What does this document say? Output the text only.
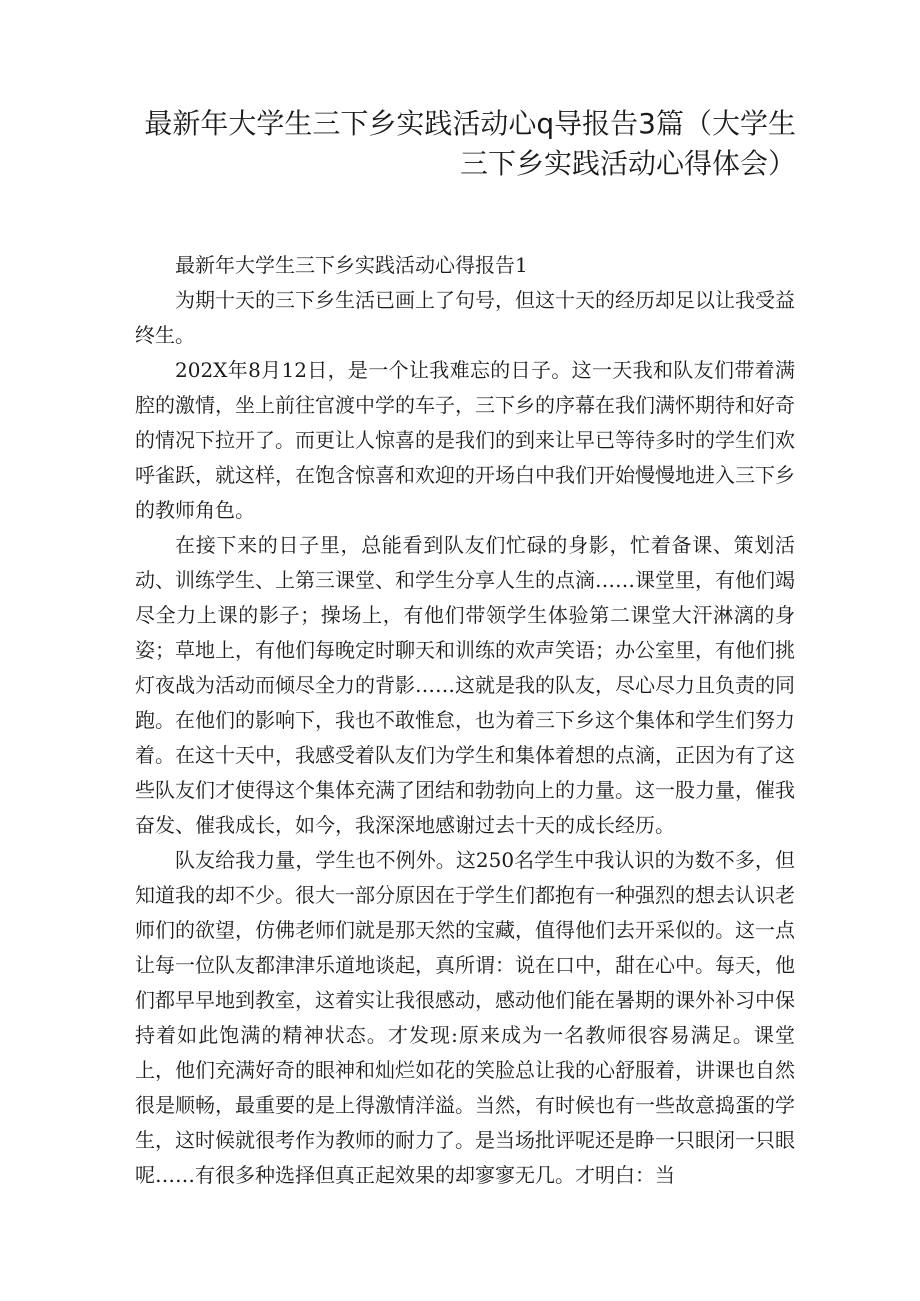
最新年大学生三下乡实践活动心q导报告3篇（大学生三下乡实践活动心得体会）

最新年大学生三下乡实践活动心得报告1

为期十天的三下乡生活已画上了句号，但这十天的经历却足以让我受益终生。

202X年8月12日，是一个让我难忘的日子。这一天我和队友们带着满腔的激情，坐上前往官渡中学的车子，三下乡的序幕在我们满怀期待和好奇的情况下拉开了。而更让人惊喜的是我们的到来让早已等待多时的学生们欢呼雀跃，就这样，在饱含惊喜和欢迎的开场白中我们开始慢慢地进入三下乡的教师角色。

在接下来的日子里，总能看到队友们忙碌的身影，忙着备课、策划活动、训练学生、上第三课堂、和学生分享人生的点滴……课堂里，有他们竭尽全力上课的影子；操场上，有他们带领学生体验第二课堂大汗淋漓的身姿；草地上，有他们每晚定时聊天和训练的欢声笑语；办公室里，有他们挑灯夜战为活动而倾尽全力的背影……这就是我的队友，尽心尽力且负责的同跑。在他们的影响下，我也不敢惟怠，也为着三下乡这个集体和学生们努力着。在这十天中，我感受着队友们为学生和集体着想的点滴，正因为有了这些队友们才使得这个集体充满了团结和勃勃向上的力量。这一股力量，催我奋发、催我成长，如今，我深深地感谢过去十天的成长经历。

队友给我力量，学生也不例外。这250名学生中我认识的为数不多，但知道我的却不少。很大一部分原因在于学生们都抱有一种强烈的想去认识老师们的欲望，仿佛老师们就是那天然的宝藏，值得他们去开采似的。这一点让每一位队友都津津乐道地谈起，真所谓：说在口中，甜在心中。每天，他们都早早地到教室，这着实让我很感动，感动他们能在暑期的课外补习中保持着如此饱满的精神状态。才发现:原来成为一名教师很容易满足。课堂上，他们充满好奇的眼神和灿烂如花的笑脸总让我的心舒服着，讲课也自然很是顺畅，最重要的是上得激情洋溢。当然，有时候也有一些故意捣蛋的学生，这时候就很考作为教师的耐力了。是当场批评呢还是睁一只眼闭一只眼呢……有很多种选择但真正起效果的却寥寥无几。才明白：当
